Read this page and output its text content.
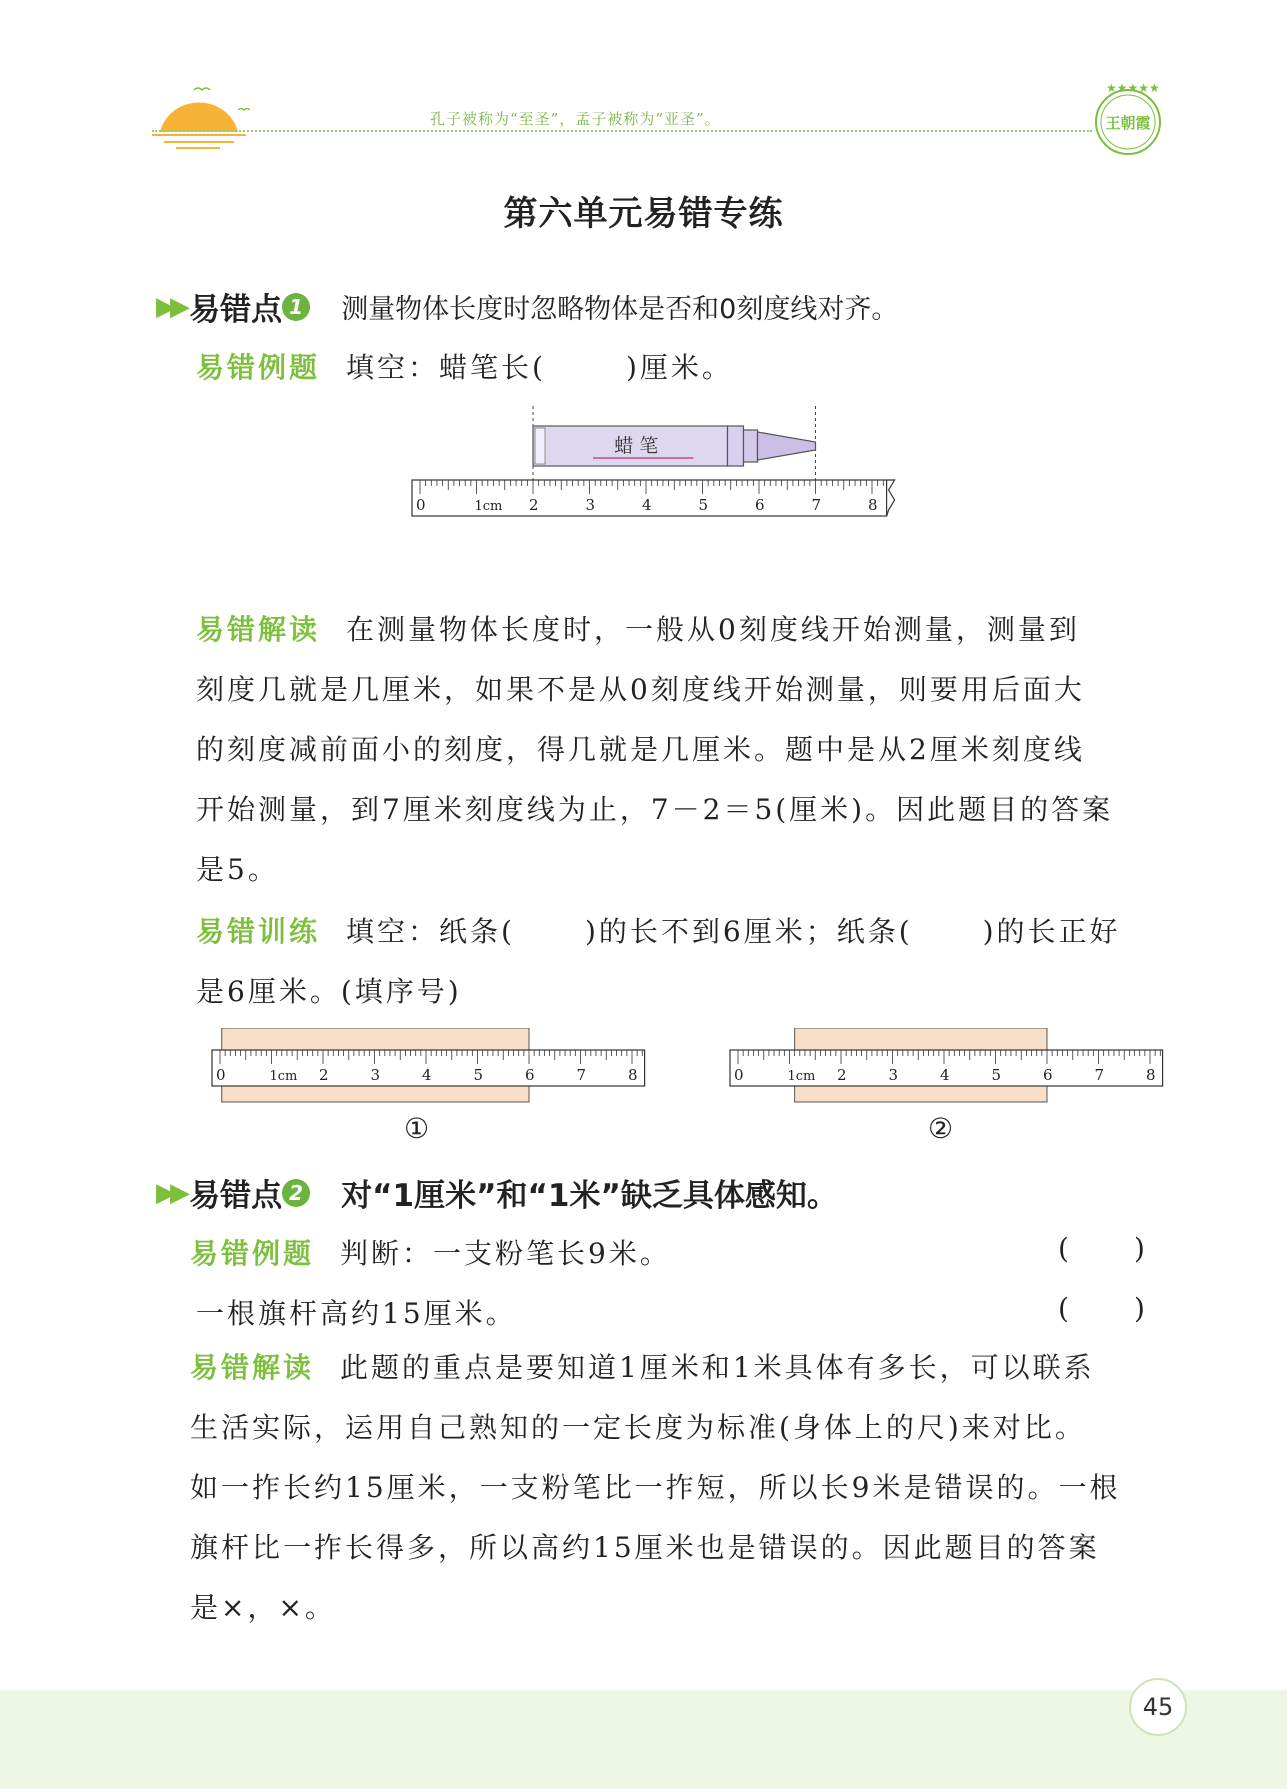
孔子被称为“至圣”，孟子被称为“亚圣”。
★★★★★
王朝霞
第六单元易错专练
▶▶ 易错点 1 测量物体长度时忽略物体是否和0刻度线对齐。
易错例题 填空：蜡笔长(	)厘米。
蜡 笔
0	1cm 2	3	4	5	6	7	8
易错解读 在测量物体长度时，一般从0刻度线开始测量，测量到
刻度几就是几厘米，如果不是从0刻度线开始测量，则要用后面大
的刻度减前面小的刻度，得几就是几厘米。题中是从2厘米刻度线
开始测量，到7厘米刻度线为止，7－2＝5(厘米)。因此题目的答案
是5。
易错训练 填空：纸条(	)的长不到6厘米；纸条(	)的长正好
是6厘米。(填序号)
0	1cm 2	3	4	5	6	7	8
①
0	1cm 2	3	4	5	6	7	8
②
▶▶ 易错点 2 对“1厘米”和“1米”缺乏具体感知。
易错例题 判断：一支粉笔长9米。	( )
一根旗杆高约15厘米。	( )
易错解读 此题的重点是要知道1厘米和1米具体有多长，可以联系
生活实际，运用自己熟知的一定长度为标准(身体上的尺)来对比。
如一拃长约15厘米，一支粉笔比一拃短，所以长9米是错误的。一根
旗杆比一拃长得多，所以高约15厘米也是错误的。因此题目的答案
是×，×。
45
